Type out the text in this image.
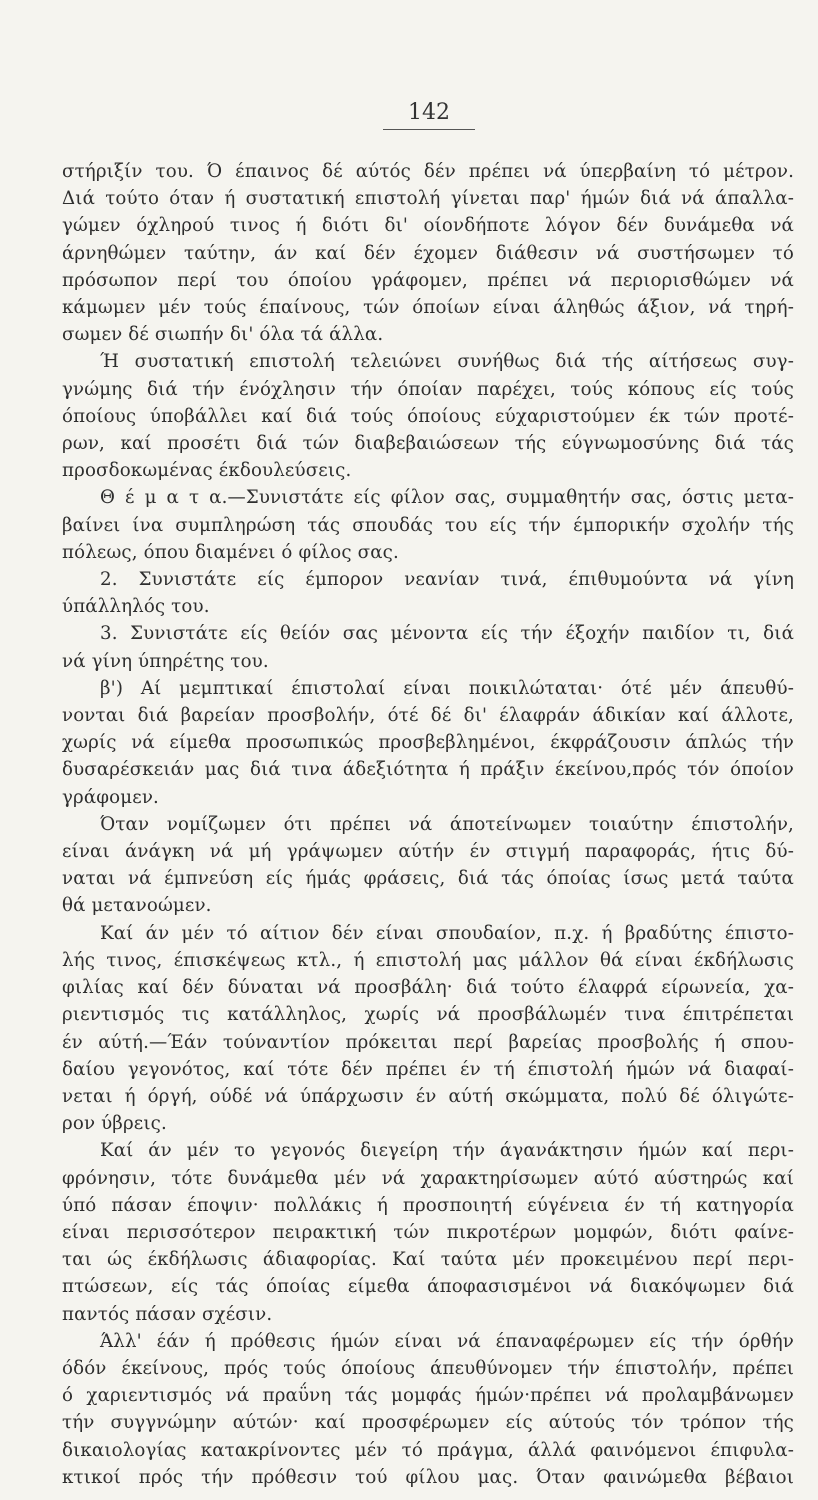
142
στήριξίν του. Ό έπαινος δέ αύτός δέν πρέπει νά ύπερβαίνη τό μέτρον.
Διά τούτο όταν ή συστατική επιστολή γίνεται παρ' ήμών διά νά άπαλλα-
γώμεν όχληρού τινος ή διότι δι' οίονδήποτε λόγον δέν δυνάμεθα νά
άρνηθώμεν ταύτην, άν καί δέν έχομεν διάθεσιν νά συστήσωμεν τό
πρόσωπον περί του όποίου γράφομεν, πρέπει νά περιορισθώμεν νά
κάμωμεν μέν τούς έπαίνους, τών όποίων είναι άληθώς άξιον, νά τηρή-
σωμεν δέ σιωπήν δι' όλα τά άλλα.
Ή συστατική επιστολή τελειώνει συνήθως διά τής αίτήσεως συγ-
γνώμης διά τήν ένόχλησιν τήν όποίαν παρέχει, τούς κόπους είς τούς
όποίους ύποβάλλει καί διά τούς όποίους εύχαριστούμεν έκ τών προτέ-
ρων, καί προσέτι διά τών διαβεβαιώσεων τής εύγνωμοσύνης διά τάς
προσδοκωμένας έκδουλεύσεις.
Θ έ μ α τ α.—Συνιστάτε είς φίλον σας, συμμαθητήν σας, όστις μετα-
βαίνει ίνα συμπληρώση τάς σπουδάς του είς τήν έμπορικήν σχολήν τής
πόλεως, όπου διαμένει ό φίλος σας.
2. Συνιστάτε είς έμπορον νεανίαν τινά, έπιθυμούντα νά γίνη
ύπάλληλός του.
3. Συνιστάτε είς θείόν σας μένοντα είς τήν έξοχήν παιδίον τι, διά
νά γίνη ύπηρέτης του.
β') Αί μεμπτικαί έπιστολαί είναι ποικιλώταται· ότέ μέν άπευθύ-
νονται διά βαρείαν προσβολήν, ότέ δέ δι' έλαφράν άδικίαν καί άλλοτε,
χωρίς νά είμεθα προσωπικώς προσβεβλημένοι, έκφράζουσιν άπλώς τήν
δυσαρέσκειάν μας διά τινα άδεξιότητα ή πράξιν έκείνου,πρός τόν όποίον
γράφομεν.
Όταν νομίζωμεν ότι πρέπει νά άποτείνωμεν τοιαύτην έπιστολήν,
είναι άνάγκη νά μή γράψωμεν αύτήν έν στιγμή παραφοράς, ήτις δύ-
ναται νά έμπνεύση είς ήμάς φράσεις, διά τάς όποίας ίσως μετά ταύτα
θά μετανοώμεν.
Καί άν μέν τό αίτιον δέν είναι σπουδαίον, π.χ. ή βραδύτης έπιστο-
λής τινος, έπισκέψεως κτλ., ή επιστολή μας μάλλον θά είναι έκδήλωσις
φιλίας καί δέν δύναται νά προσβάλη· διά τούτο έλαφρά είρωνεία, χα-
ριεντισμός τις κατάλληλος, χωρίς νά προσβάλωμέν τινα έπιτρέπεται
έν αύτή.—Έάν τούναντίον πρόκειται περί βαρείας προσβολής ή σπου-
δαίου γεγονότος, καί τότε δέν πρέπει έν τή έπιστολή ήμών νά διαφαί-
νεται ή όργή, ούδέ νά ύπάρχωσιν έν αύτή σκώμματα, πολύ δέ όλιγώτε-
ρον ύβρεις.
Καί άν μέν το γεγονός διεγείρη τήν άγανάκτησιν ήμών καί περι-
φρόνησιν, τότε δυνάμεθα μέν νά χαρακτηρίσωμεν αύτό αύστηρώς καί
ύπό πάσαν έποψιν· πολλάκις ή προσποιητή εύγένεια έν τή κατηγορία
είναι περισσότερον πειρακτική τών πικροτέρων μομφών, διότι φαίνε-
ται ώς έκδήλωσις άδιαφορίας. Καί ταύτα μέν προκειμένου περί περι-
πτώσεων, είς τάς όποίας είμεθα άποφασισμένοι νά διακόψωμεν διά
παντός πάσαν σχέσιν.
Άλλ' έάν ή πρόθεσις ήμών είναι νά έπαναφέρωμεν είς τήν όρθήν
όδόν έκείνους, πρός τούς όποίους άπευθύνομεν τήν έπιστολήν, πρέπει
ό χαριεντισμός νά πραΰνη τάς μομφάς ήμών·πρέπει νά προλαμβάνωμεν
τήν συγγνώμην αύτών· καί προσφέρωμεν είς αύτούς τόν τρόπον τής
δικαιολογίας κατακρίνοντες μέν τό πράγμα, άλλά φαινόμενοι έπιφυλα-
κτικοί πρός τήν πρόθεσιν τού φίλου μας. Όταν φαινώμεθα βέβαιοι
